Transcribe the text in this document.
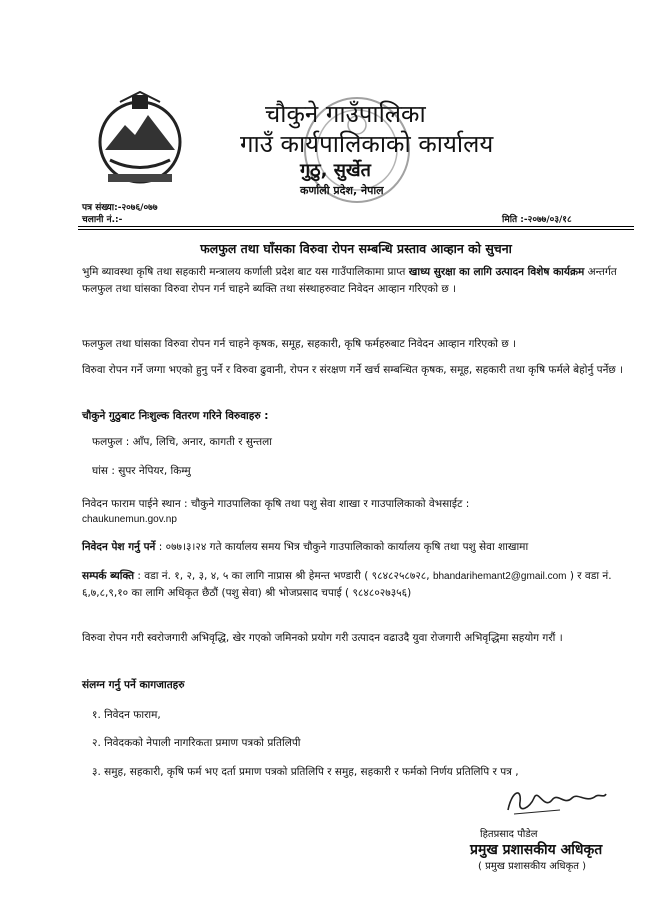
चौकुने गाउँपालिका
गाउँ कार्यपालिकाको कार्यालय
गुठु, सुर्खेत
कर्णाली प्रदेश, नेपाल
पत्र संख्या:-२०७६/०७७
चलानी नं.:-	मिति :-२०७७/०३/१८
फलफुल तथा घाँसका विरुवा रोपन सम्बन्धि प्रस्ताव आव्हान को सुचना
भुमि ब्यावस्था कृषि तथा सहकारी मन्त्रालय कर्णाली प्रदेश बाट यस गाउँपालिकामा प्राप्त खाध्य सुरक्षा का लागि उत्पादन विशेष कार्यक्रम अन्तर्गत फलफुल तथा घांसका विरुवा रोपन गर्न चाहने ब्यक्ति तथा संस्थाहरुवाट निवेदन आव्हान गरिएको छ ।
फलफुल तथा घांसका विरुवा रोपन गर्न चाहने कृषक, समूह, सहकारी, कृषि फर्महरुबाट निवेदन आव्हान गरिएको छ ।
विरुवा रोपन गर्ने जग्गा भएको हुनु पर्ने र विरुवा ढुवानी, रोपन र संरक्षण गर्ने खर्च सम्बन्धित कृषक, समूह, सहकारी तथा कृषि फर्मले बेहोर्नु पर्नेछ ।
चौकुने गुठुबाट निःशुल्क वितरण गरिने विरुवाहरु :
फलफुल : आँप, लिचि, अनार, कागती र सुन्तला
घांस : सुपर नेपियर, किम्मु
निवेदन फाराम पाईने स्थान : चौकुने गाउपालिका कृषि तथा पशु सेवा शाखा र गाउपालिकाको वेभसाईट :
chaukunemun.gov.np
निवेदन पेश गर्नु पर्ने : ०७७।३।२४ गते कार्यालय समय भित्र चौकुने गाउपालिकाको कार्यालय कृषि तथा पशु सेवा शाखामा
सम्पर्क ब्यक्ति : वडा नं. १, २, ३, ४, ५ का लागि नाप्रास श्री हेमन्त भण्डारी ( ९८४८२५८७२८, bhandarihemant2@gmail.com ) र वडा नं. ६,७,८,९,१० का लागि अधिकृत छैठौं (पशु सेवा) श्री भोजप्रसाद चपाई ( ९८४८०२७३५६)
विरुवा रोपन गरी स्वरोजगारी अभिवृद्धि, खेर गएको जमिनको प्रयोग गरी उत्पादन वढाउदै युवा रोजगारी अभिवृद्धिमा सहयोग गरौं ।
संलग्न गर्नु पर्ने कागजातहरु
१. निवेदन फाराम,
२. निवेदकको नेपाली नागरिकता प्रमाण पत्रको प्रतिलिपी
३. समुह, सहकारी, कृषि फर्म भए दर्ता प्रमाण पत्रको प्रतिलिपि र समुह, सहकारी र फर्मको निर्णय प्रतिलिपि र पत्र ,
हितप्रसाद पौडेल
प्रमुख प्रशासकीय अधिकृत
( प्रमुख प्रशासकीय अधिकृत )
